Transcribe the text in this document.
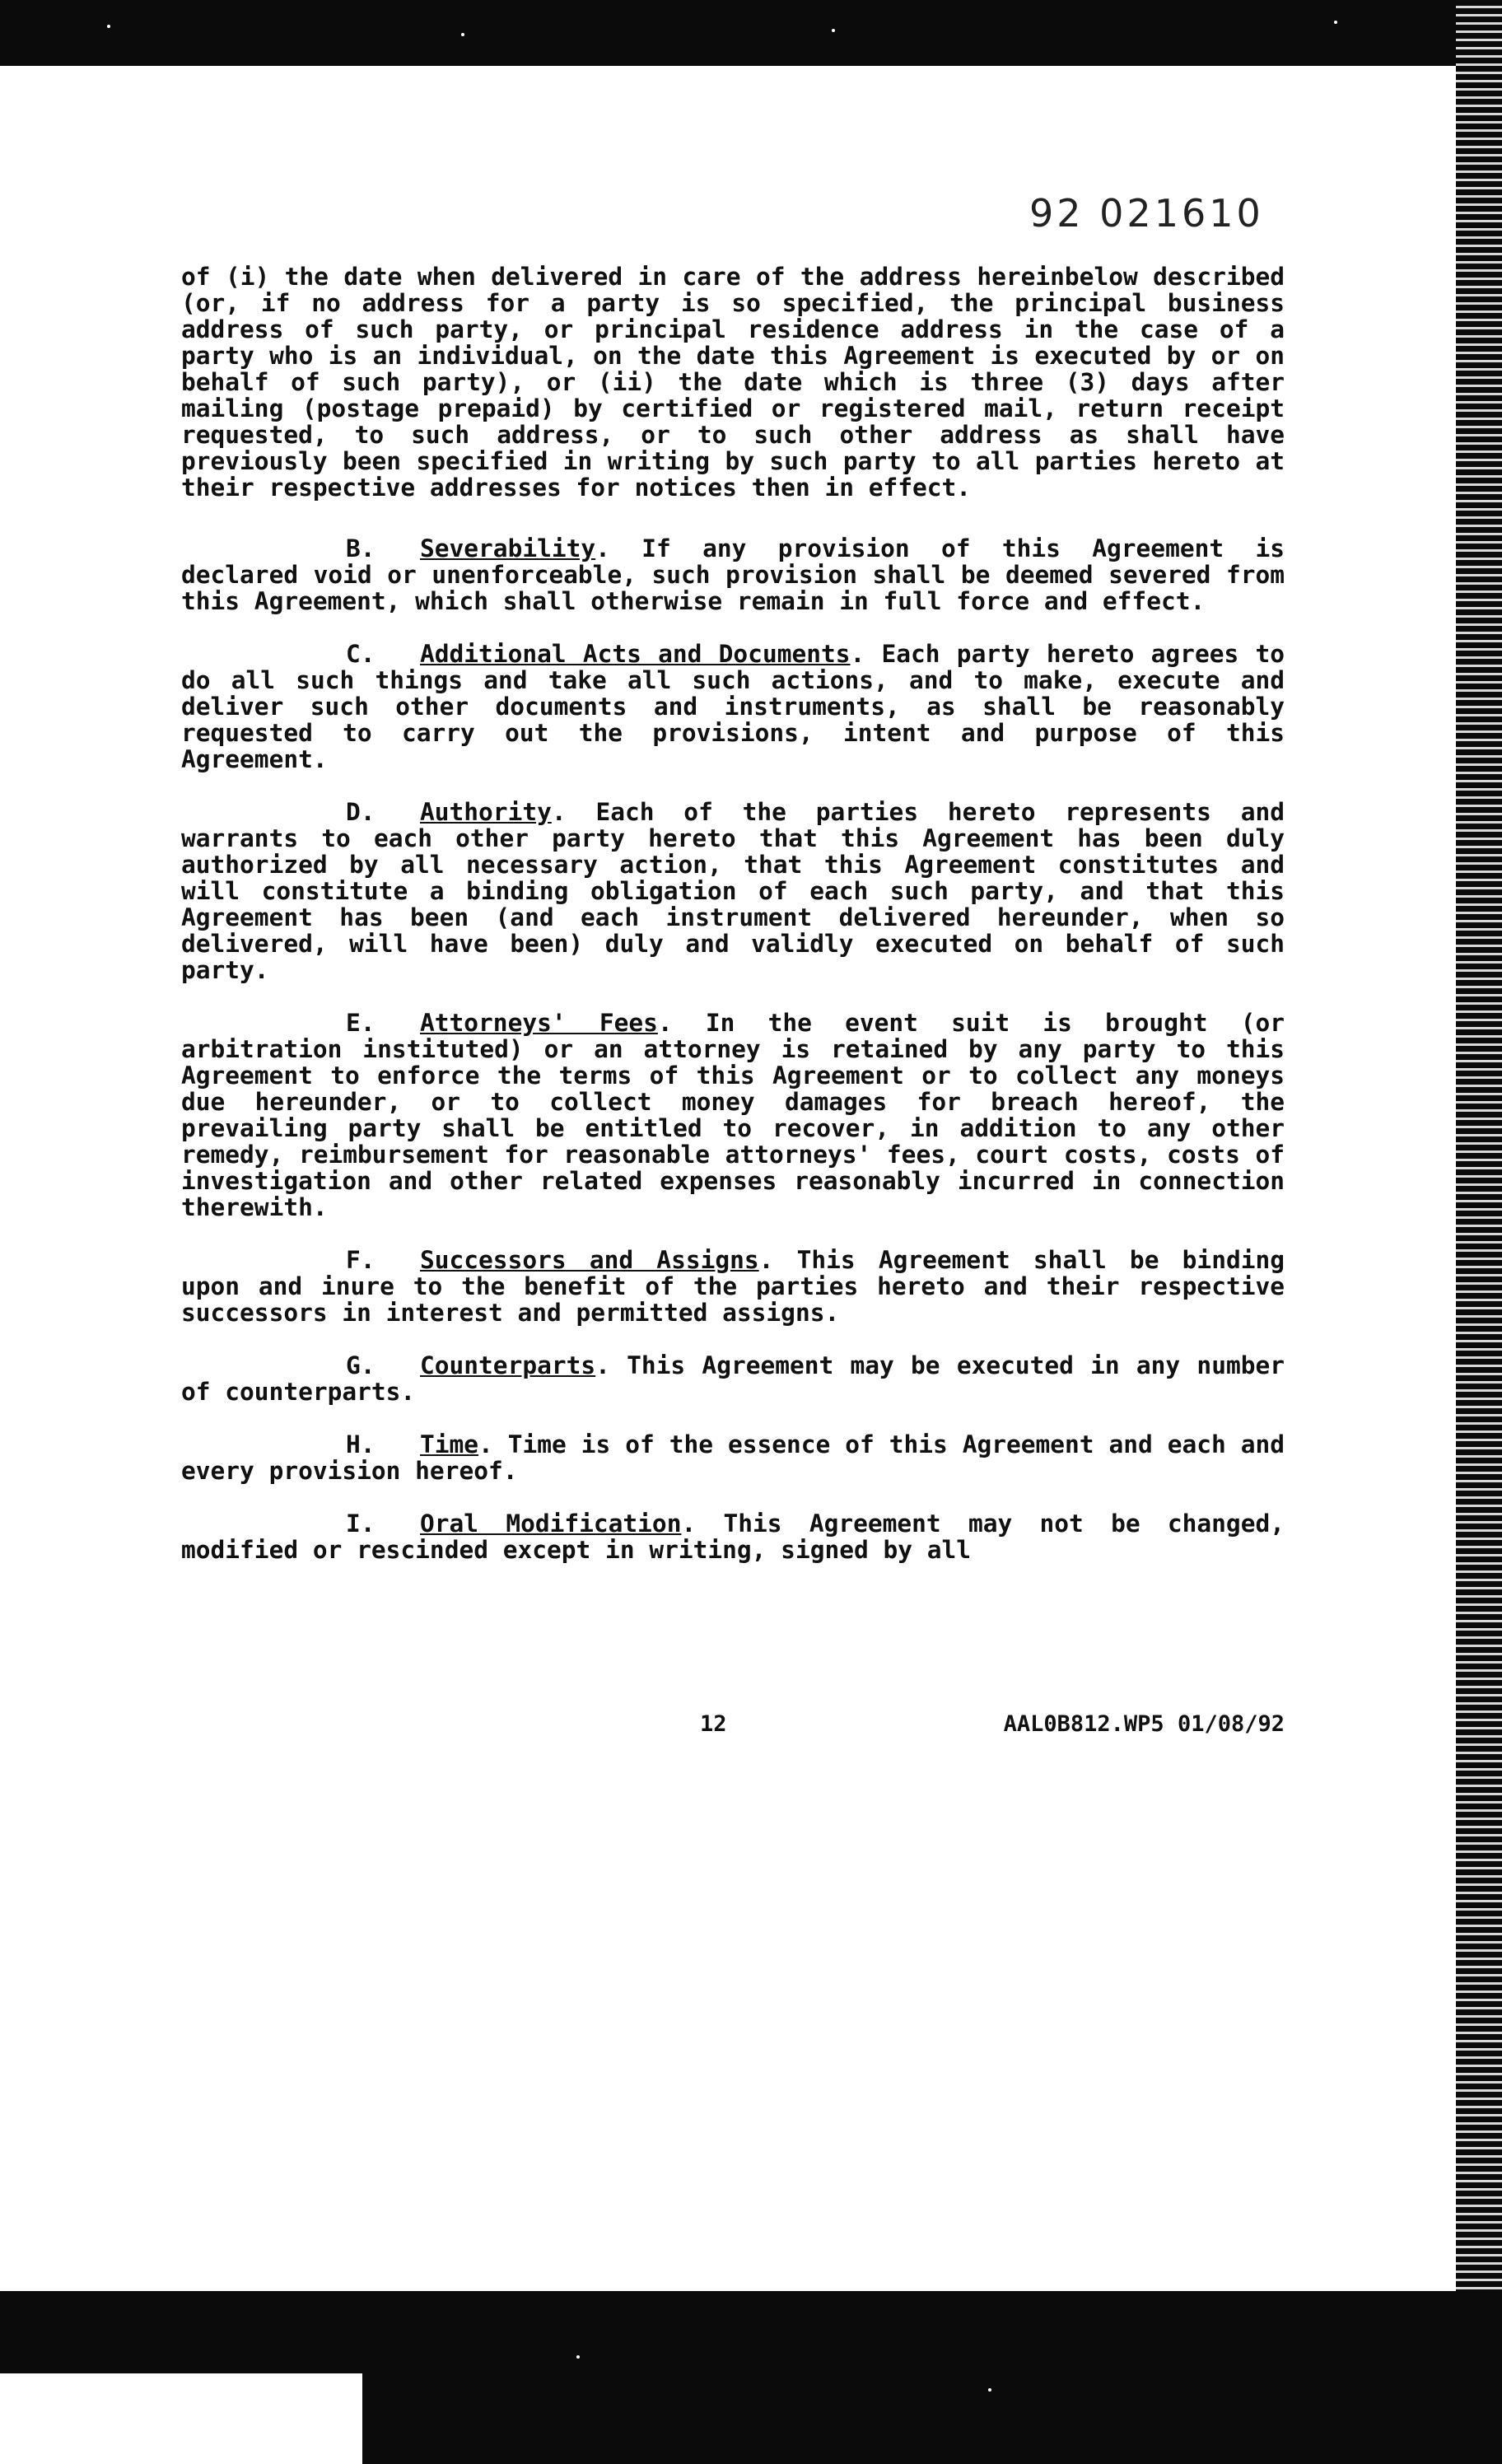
92 021610

of (i) the date when delivered in care of the address hereinbelow described (or, if no address for a party is so specified, the principal business address of such party, or principal residence address in the case of a party who is an individual, on the date this Agreement is executed by or on behalf of such party), or (ii) the date which is three (3) days after mailing (postage prepaid) by certified or registered mail, return receipt requested, to such address, or to such other address as shall have previously been specified in writing by such party to all parties hereto at their respective addresses for notices then in effect.

B. Severability. If any provision of this Agreement is declared void or unenforceable, such provision shall be deemed severed from this Agreement, which shall otherwise remain in full force and effect.

C. Additional Acts and Documents. Each party hereto agrees to do all such things and take all such actions, and to make, execute and deliver such other documents and instruments, as shall be reasonably requested to carry out the provisions, intent and purpose of this Agreement.

D. Authority. Each of the parties hereto represents and warrants to each other party hereto that this Agreement has been duly authorized by all necessary action, that this Agreement constitutes and will constitute a binding obligation of each such party, and that this Agreement has been (and each instrument delivered hereunder, when so delivered, will have been) duly and validly executed on behalf of such party.

E. Attorneys' Fees. In the event suit is brought (or arbitration instituted) or an attorney is retained by any party to this Agreement to enforce the terms of this Agreement or to collect any moneys due hereunder, or to collect money damages for breach hereof, the prevailing party shall be entitled to recover, in addition to any other remedy, reimbursement for reasonable attorneys' fees, court costs, costs of investigation and other related expenses reasonably incurred in connection therewith.

F. Successors and Assigns. This Agreement shall be binding upon and inure to the benefit of the parties hereto and their respective successors in interest and permitted assigns.

G. Counterparts. This Agreement may be executed in any number of counterparts.

H. Time. Time is of the essence of this Agreement and each and every provision hereof.

I. Oral Modification. This Agreement may not be changed, modified or rescinded except in writing, signed by all

12	AAL0B812.WP5 01/08/92
